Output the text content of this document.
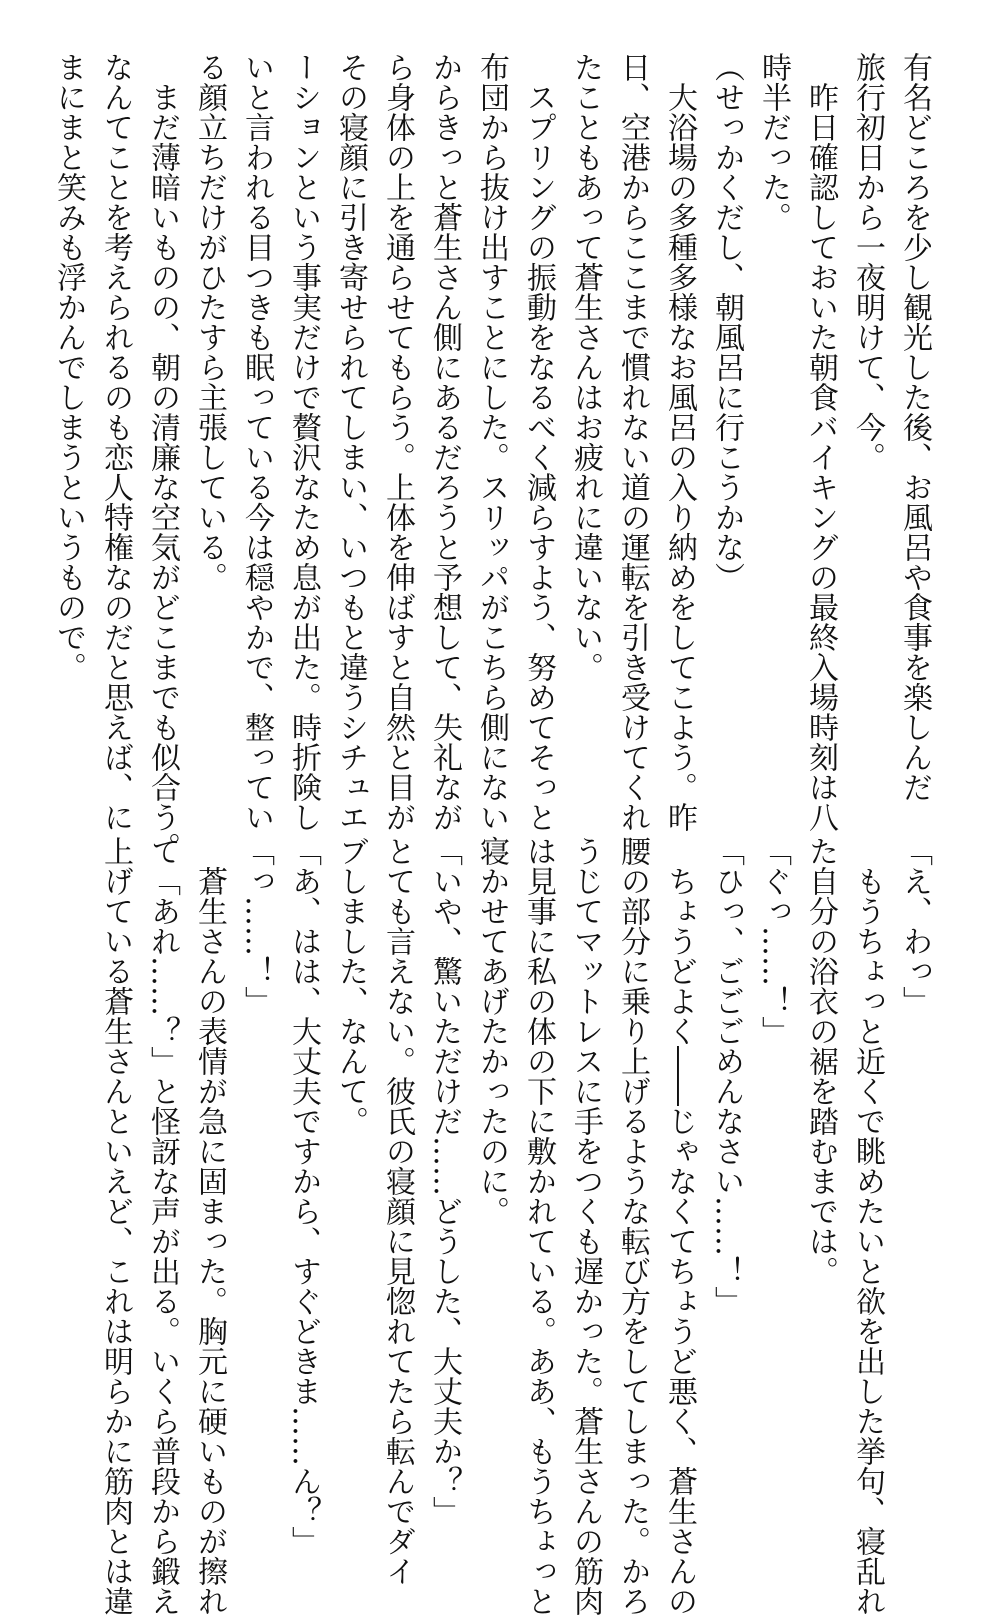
有名どころを少し観光した後、お風呂や食事を楽しんだ
旅行初日から一夜明けて、今。
　昨日確認しておいた朝食バイキングの最終入場時刻は八
時半だった。
（せっかくだし、朝風呂に行こうかな）
　大浴場の多種多様なお風呂の入り納めをしてこよう。昨
日、空港からここまで慣れない道の運転を引き受けてくれ
たこともあって蒼生さんはお疲れに違いない。
　スプリングの振動をなるべく減らすよう、努めてそっと
布団から抜け出すことにした。スリッパがこちら側にない
からきっと蒼生さん側にあるだろうと予想して、失礼なが
ら身体の上を通らせてもらう。上体を伸ばすと自然と目が
その寝顔に引き寄せられてしまい、いつもと違うシチュエ
ーションという事実だけで贅沢なため息が出た。時折険し
いと言われる目つきも眠っている今は穏やかで、整ってい
る顔立ちだけがひたすら主張している。
　まだ薄暗いものの、朝の清廉な空気がどこまでも似合う。
なんてことを考えられるのも恋人特権なのだと思えば、に
まにまと笑みも浮かんでしまうというもので。
「え、わっ」
　もうちょっと近くで眺めたいと欲を出した挙句、寝乱れ
た自分の浴衣の裾を踏むまでは。
「ぐっ……！」
「ひっ、ごごごめんなさい……！」
　ちょうどよく――じゃなくてちょうど悪く、蒼生さんの
腰の部分に乗り上げるような転び方をしてしまった。かろ
うじてマットレスに手をつくも遅かった。蒼生さんの筋肉
は見事に私の体の下に敷かれている。ああ、もうちょっと
寝かせてあげたかったのに。
「いや、驚いただけだ……どうした、大丈夫か？」
とても言えない。彼氏の寝顔に見惚れてたら転んでダイ
ブしました、なんて。
「あ、はは、大丈夫ですから、すぐどきま……ん？」
「っ……！」
　蒼生さんの表情が急に固まった。胸元に硬いものが擦れ
て「あれ……？」と怪訝な声が出る。いくら普段から鍛え
上げている蒼生さんといえど、これは明らかに筋肉とは違
